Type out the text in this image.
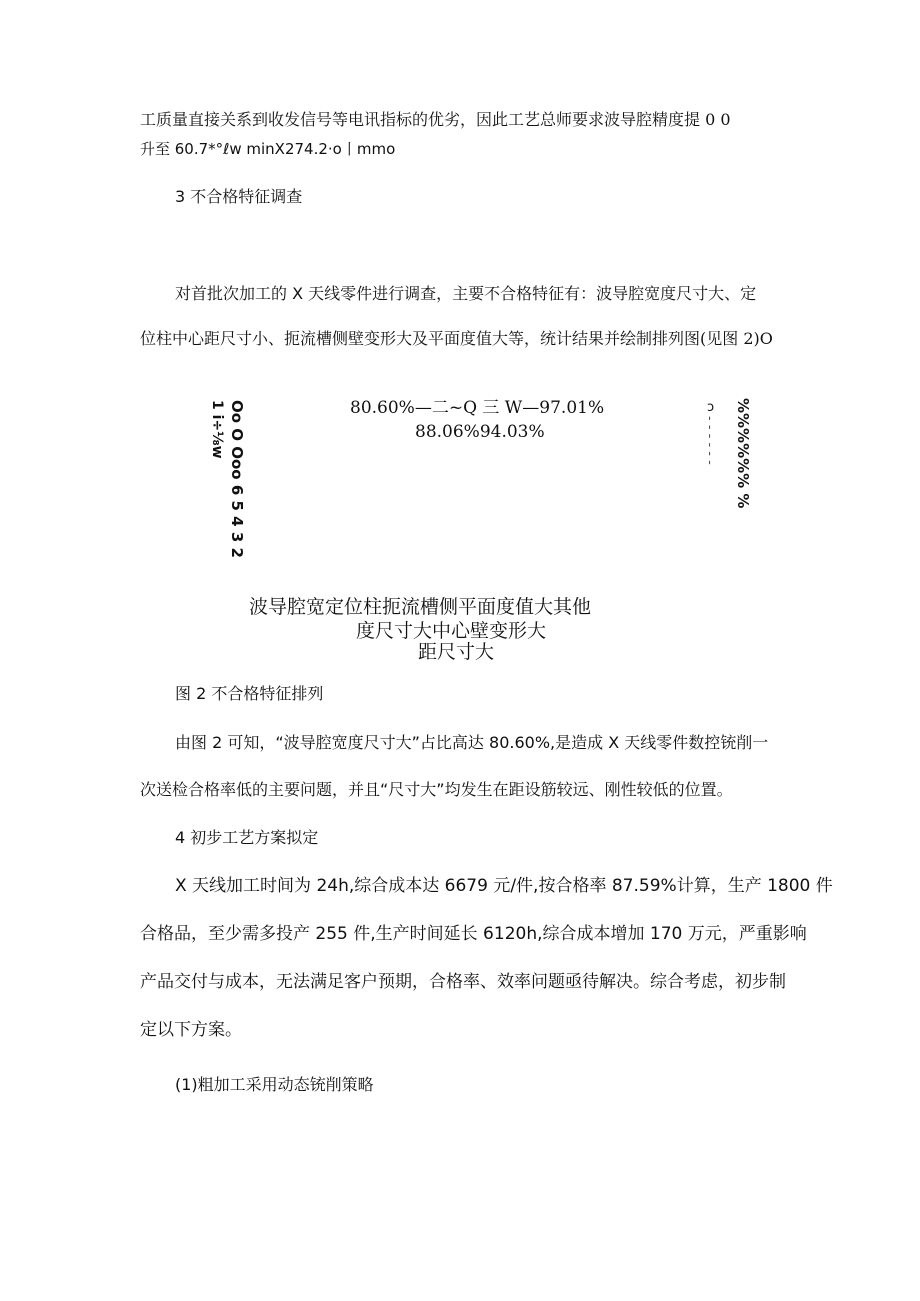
工质量直接关系到收发信号等电讯指标的优劣，因此工艺总师要求波导腔精度提 0 0
升至 60.7*°ℓw minX274.2·o丨mmo
3 不合格特征调查
对首批次加工的 X 天线零件进行调查，主要不合格特征有：波导腔宽度尺寸大、定
位柱中心距尺寸小、扼流槽侧壁变形大及平面度值大等，统计结果并绘制排列图(见图 2)O
Oo O Ooo 6 5 4 3 2
1 i÷⅛w	80.60%—二~Q 三 W—97.01%
88.06%94.03%
ɔ
- - - - - - %%%%%% %
波导腔宽定位柱扼流槽侧平面度值大其他
度尺寸大中心壁变形大
距尺寸大
图 2 不合格特征排列
由图 2 可知，“波导腔宽度尺寸大”占比高达 80.60%,是造成 X 天线零件数控铳削一
次送检合格率低的主要问题，并且“尺寸大”均发生在距设筋较远、刚性较低的位置。
4 初步工艺方案拟定
X 天线加工时间为 24h,综合成本达 6679 元/件,按合格率 87.59%计算，生产 1800 件
合格品，至少需多投产 255 件,生产时间延长 6120h,综合成本增加 170 万元，严重影响
产品交付与成本，无法满足客户预期，合格率、效率问题亟待解决。综合考虑，初步制
定以下方案。
(1)粗加工采用动态铳削策略
